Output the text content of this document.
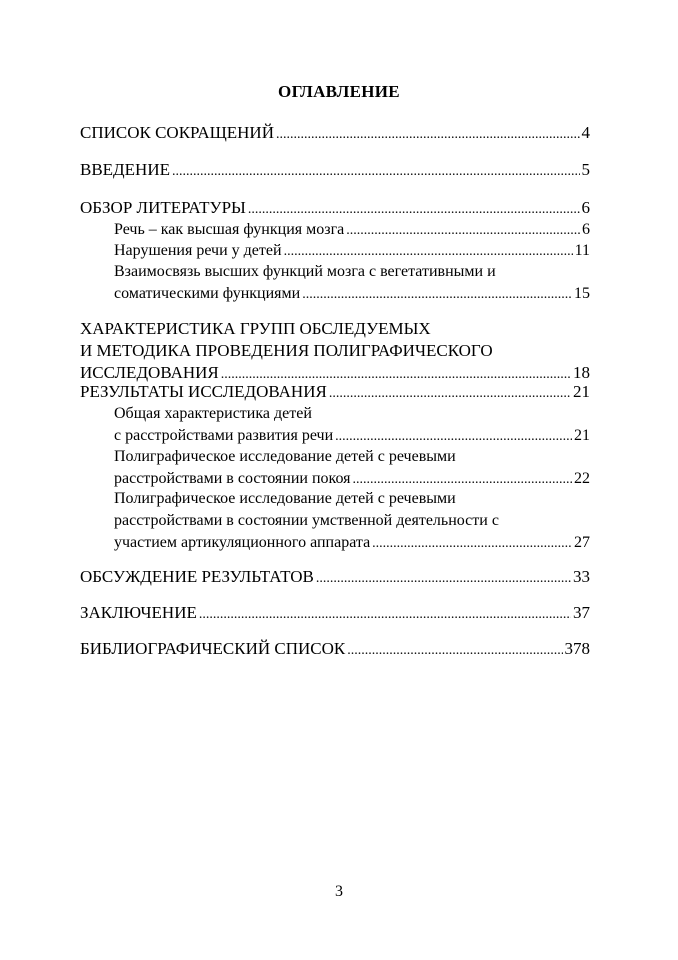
ОГЛАВЛЕНИЕ
СПИСОК СОКРАЩЕНИЙ .....	4
ВВЕДЕНИЕ .....	5
ОБЗОР ЛИТЕРАТУРЫ .....	6
Речь – как высшая функция мозга .....	6
Нарушения речи у детей .....	11
Взаимосвязь высших функций мозга с вегетативными и
соматическими функциями .....	15
ХАРАКТЕРИСТИКА ГРУПП ОБСЛЕДУЕМЫХ
И МЕТОДИКА ПРОВЕДЕНИЯ ПОЛИГРАФИЧЕСКОГО
ИССЛЕДОВАНИЯ .....	18
РЕЗУЛЬТАТЫ ИССЛЕДОВАНИЯ .....	21
Общая характеристика детей
с расстройствами развития речи .....	21
Полиграфическое исследование детей с речевыми
расстройствами в состоянии покоя .....	22
Полиграфическое исследование детей с речевыми
расстройствами в состоянии умственной деятельности с
участием артикуляционного аппарата .....	27
ОБСУЖДЕНИЕ РЕЗУЛЬТАТОВ .....	33
ЗАКЛЮЧЕНИЕ .....	37
БИБЛИОГРАФИЧЕСКИЙ СПИСОК .....	378
3
